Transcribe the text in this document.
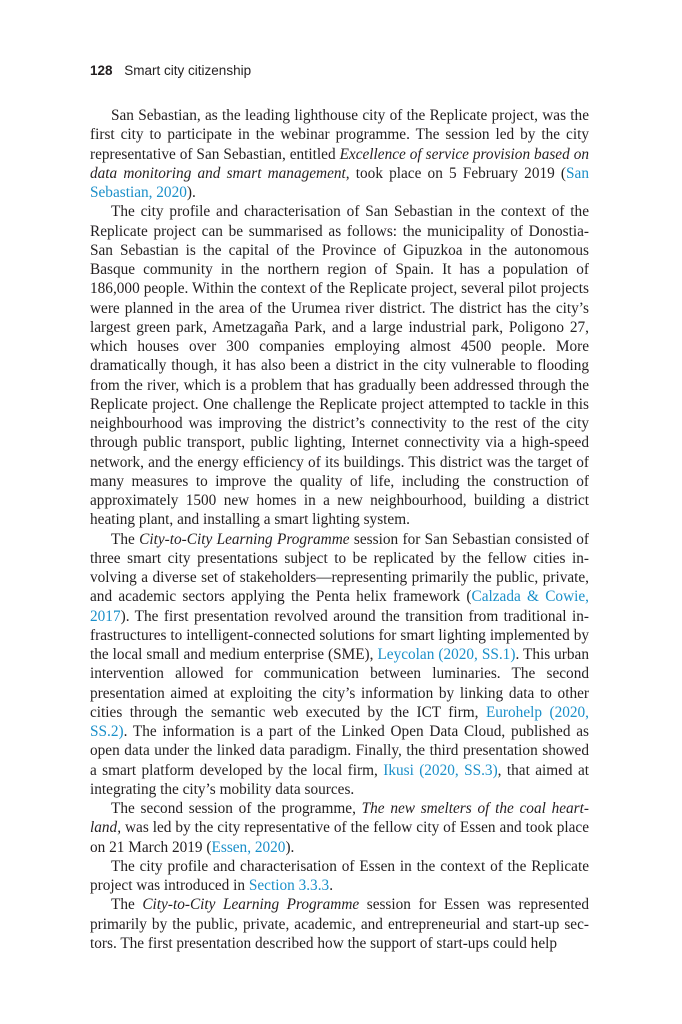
128 Smart city citizenship

San Sebastian, as the leading lighthouse city of the Replicate project, was the first city to participate in the webinar programme. The session led by the city representative of San Sebastian, entitled Excellence of service provision based on data monitoring and smart management, took place on 5 February 2019 (San Sebastian, 2020).

The city profile and characterisation of San Sebastian in the context of the Replicate project can be summarised as follows: the municipality of Donostia-San Sebastian is the capital of the Province of Gipuzkoa in the autonomous Basque community in the northern region of Spain. It has a population of 186,000 people. Within the context of the Replicate project, several pilot projects were planned in the area of the Urumea river district. The district has the city’s largest green park, Ametzagaña Park, and a large industrial park, Poligono 27, which houses over 300 companies employing almost 4500 people. More dramatically though, it has also been a district in the city vulnerable to flooding from the river, which is a problem that has gradually been addressed through the Replicate project. One challenge the Replicate project attempted to tackle in this neighbourhood was improving the district’s connectivity to the rest of the city through public transport, public lighting, Internet connectivity via a high-speed network, and the energy efficiency of its buildings. This district was the target of many measures to improve the quality of life, including the construction of approximately 1500 new homes in a new neighbourhood, building a district heating plant, and installing a smart lighting system.

The City-to-City Learning Programme session for San Sebastian consisted of three smart city presentations subject to be replicated by the fellow cities involving a diverse set of stakeholders—representing primarily the public, private, and academic sectors applying the Penta helix framework (Calzada & Cowie, 2017). The first presentation revolved around the transition from traditional infrastructures to intelligent-connected solutions for smart lighting implemented by the local small and medium enterprise (SME), Leycolan (2020, SS.1). This urban intervention allowed for communication between luminaries. The second presentation aimed at exploiting the city’s information by linking data to other cities through the semantic web executed by the ICT firm, Eurohelp (2020, SS.2). The information is a part of the Linked Open Data Cloud, published as open data under the linked data paradigm. Finally, the third presentation showed a smart platform developed by the local firm, Ikusi (2020, SS.3), that aimed at integrating the city’s mobility data sources.

The second session of the programme, The new smelters of the coal heartland, was led by the city representative of the fellow city of Essen and took place on 21 March 2019 (Essen, 2020).

The city profile and characterisation of Essen in the context of the Replicate project was introduced in Section 3.3.3.

The City-to-City Learning Programme session for Essen was represented primarily by the public, private, academic, and entrepreneurial and start-up sectors. The first presentation described how the support of start-ups could help
